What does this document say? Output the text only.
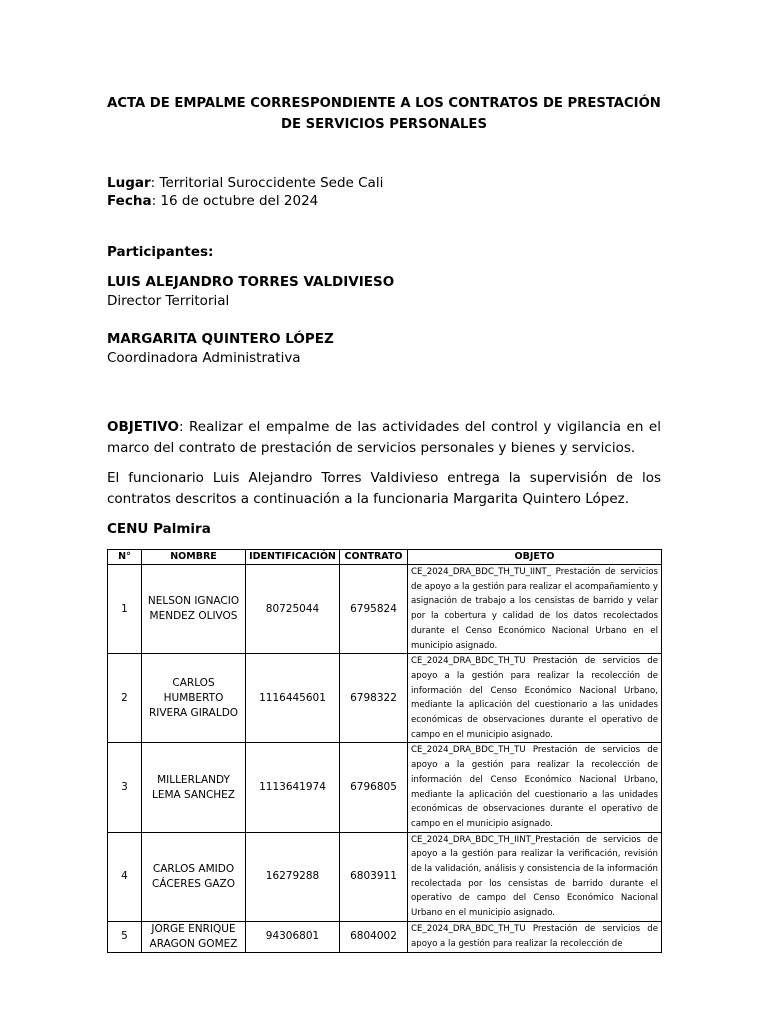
ACTA DE EMPALME CORRESPONDIENTE A LOS CONTRATOS DE PRESTACIÓN DE SERVICIOS PERSONALES
Lugar: Territorial Suroccidente Sede Cali
Fecha: 16 de octubre del 2024
Participantes:
LUIS ALEJANDRO TORRES VALDIVIESO
Director Territorial
MARGARITA QUINTERO LÓPEZ
Coordinadora Administrativa
OBJETIVO: Realizar el empalme de las actividades del control y vigilancia en el marco del contrato de prestación de servicios personales y bienes y servicios.
El funcionario Luis Alejandro Torres Valdivieso entrega la supervisión de los contratos descritos a continuación a la funcionaria Margarita Quintero López.
CENU Palmira
N°	NOMBRE	IDENTIFICACIÓN	CONTRATO	OBJETO
1	NELSON IGNACIO MENDEZ OLIVOS	80725044	6795824	CE_2024_DRA_BDC_TH_TU_IINT_ Prestación de servicios de apoyo a la gestión para realizar el acompañamiento y asignación de trabajo a los censistas de barrido y velar por la cobertura y calidad de los datos recolectados durante el Censo Económico Nacional Urbano en el municipio asignado.
2	CARLOS HUMBERTO RIVERA GIRALDO	1116445601	6798322	CE_2024_DRA_BDC_TH_TU Prestación de servicios de apoyo a la gestión para realizar la recolección de información del Censo Económico Nacional Urbano, mediante la aplicación del cuestionario a las unidades económicas de observaciones durante el operativo de campo en el municipio asignado.
3	MILLERLANDY LEMA SANCHEZ	1113641974	6796805	CE_2024_DRA_BDC_TH_TU Prestación de servicios de apoyo a la gestión para realizar la recolección de información del Censo Económico Nacional Urbano, mediante la aplicación del cuestionario a las unidades económicas de observaciones durante el operativo de campo en el municipio asignado.
4	CARLOS AMIDO CÁCERES GAZO	16279288	6803911	CE_2024_DRA_BDC_TH_IINT_Prestación de servicios de apoyo a la gestión para realizar la verificación, revisión de la validación, análisis y consistencia de la información recolectada por los censistas de barrido durante el operativo de campo del Censo Económico Nacional Urbano en el municipio asignado.
5	JORGE ENRIQUE ARAGON GOMEZ	94306801	6804002	CE_2024_DRA_BDC_TH_TU Prestación de servicios de apoyo a la gestión para realizar la recolección de
